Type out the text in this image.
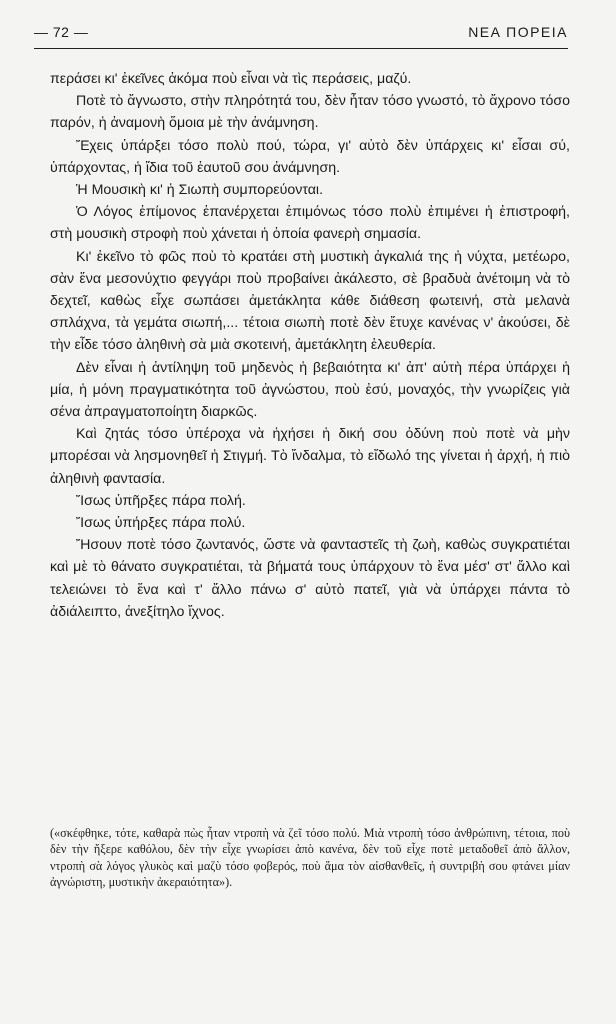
— 72 —	ΝΕΑ ΠΟΡΕΙΑ

περάσει κι' ἐκεῖνες ἀκόμα ποὺ εἶναι νὰ τὶς περάσεις, μαζύ.

Ποτὲ τὸ ἄγνωστο, στὴν πληρότητά του, δὲν ἦταν τόσο γνωστό, τὸ ἄχρονο τόσο παρόν, ἡ ἀναμονὴ ὅμοια μὲ τὴν ἀνάμνηση.

Ἔχεις ὑπάρξει τόσο πολὺ πού, τώρα, γι' αὐτὸ δὲν ὑπάρχεις κι' εἶσαι σύ, ὑπάρχοντας, ἡ ἴδια τοῦ ἑαυτοῦ σου ἀνάμνηση.

Ἡ Μουσικὴ κι' ἡ Σιωπὴ συμπορεύονται.

Ὁ Λόγος ἐπίμονος ἐπανέρχεται ἐπιμόνως τόσο πολὺ ἐπιμένει ἡ ἐπιστροφή, στὴ μουσικὴ στροφὴ ποὺ χάνεται ἡ ὁποία φανερὴ σημασία.

Κι' ἐκεῖνο τὸ φῶς ποὺ τὸ κρατάει στὴ μυστικὴ ἀγκαλιά της ἡ νύχτα, μετέωρο, σὰν ἕνα μεσονύχτιο φεγγάρι ποὺ προβαίνει ἀκάλεστο, σὲ βραδυὰ ἀνέτοιμη νὰ τὸ δεχτεῖ, καθὼς εἶχε σωπάσει ἀμετάκλητα κάθε διάθεση φωτεινή, στὰ μελανὰ σπλάχνα, τὰ γεμάτα σιωπή,... τέτοια σιωπὴ ποτὲ δὲν ἔτυχε κανένας ν' ἀκούσει, δὲ τὴν εἶδε τόσο ἀληθινὴ σὰ μιὰ σκοτεινή, ἀμετάκλητη ἐλευθερία.

Δὲν εἶναι ἡ ἀντίληψη τοῦ μηδενὸς ἡ βεβαιότητα κι' ἀπ' αὐτὴ πέρα ὑπάρχει ἡ μία, ἡ μόνη πραγματικότητα τοῦ ἀγνώστου, ποὺ ἐσύ, μοναχός, τὴν γνωρίζεις γιὰ σένα ἀπραγματοποίητη διαρκῶς.

Καὶ ζητάς τόσο ὑπέροχα νὰ ἠχήσει ἡ δική σου ὀδύνη ποὺ ποτὲ νὰ μὴν μπορέσαι νὰ λησμονηθεῖ ἡ Στιγμή. Τὸ ἴνδαλμα, τὸ εἴδωλό της γίνεται ἡ ἀρχή, ἡ πιὸ ἀληθινὴ φαντασία.

Ἴσως ὑπῆρξες πάρα πολή.

Ἴσως ὑπήρξες πάρα πολύ.

Ἤσουν ποτὲ τόσο ζωντανός, ὥστε νὰ φανταστεῖς τὴ ζωὴ, καθὼς συγκρατιέται καὶ μὲ τὸ θάνατο συγκρατιέται, τὰ βήματά τους ὑπάρχουν τὸ ἕνα μέσ' στ' ἄλλο καὶ τελειώνει τὸ ἕνα καὶ τ' ἄλλο πάνω σ' αὐτὸ πατεῖ, γιὰ νὰ ὑπάρχει πάντα τὸ ἀδιάλειπτο, ἀνεξίτηλο ἴχνος.

(«σκέφθηκε, τότε, καθαρὰ πὼς ἦταν ντροπὴ νὰ ζεῖ τόσο πολύ. Μιὰ ντροπὴ τόσο ἀνθρώπινη, τέτοια, ποὺ δὲν τὴν ἤξερε καθόλου, δὲν τὴν εἶχε γνωρίσει ἀπὸ κανένα, δὲν τοῦ εἶχε ποτὲ μεταδοθεῖ ἀπὸ ἄλλον, ντροπὴ σὰ λόγος γλυκὸς καὶ μαζὺ τόσο φοβερός, ποὺ ἅμα τὸν αἰσθανθεῖς, ἡ συντριβὴ σου φτάνει μίαν ἀγνώριστη, μυστικὴν ἀκεραιότητα»).
